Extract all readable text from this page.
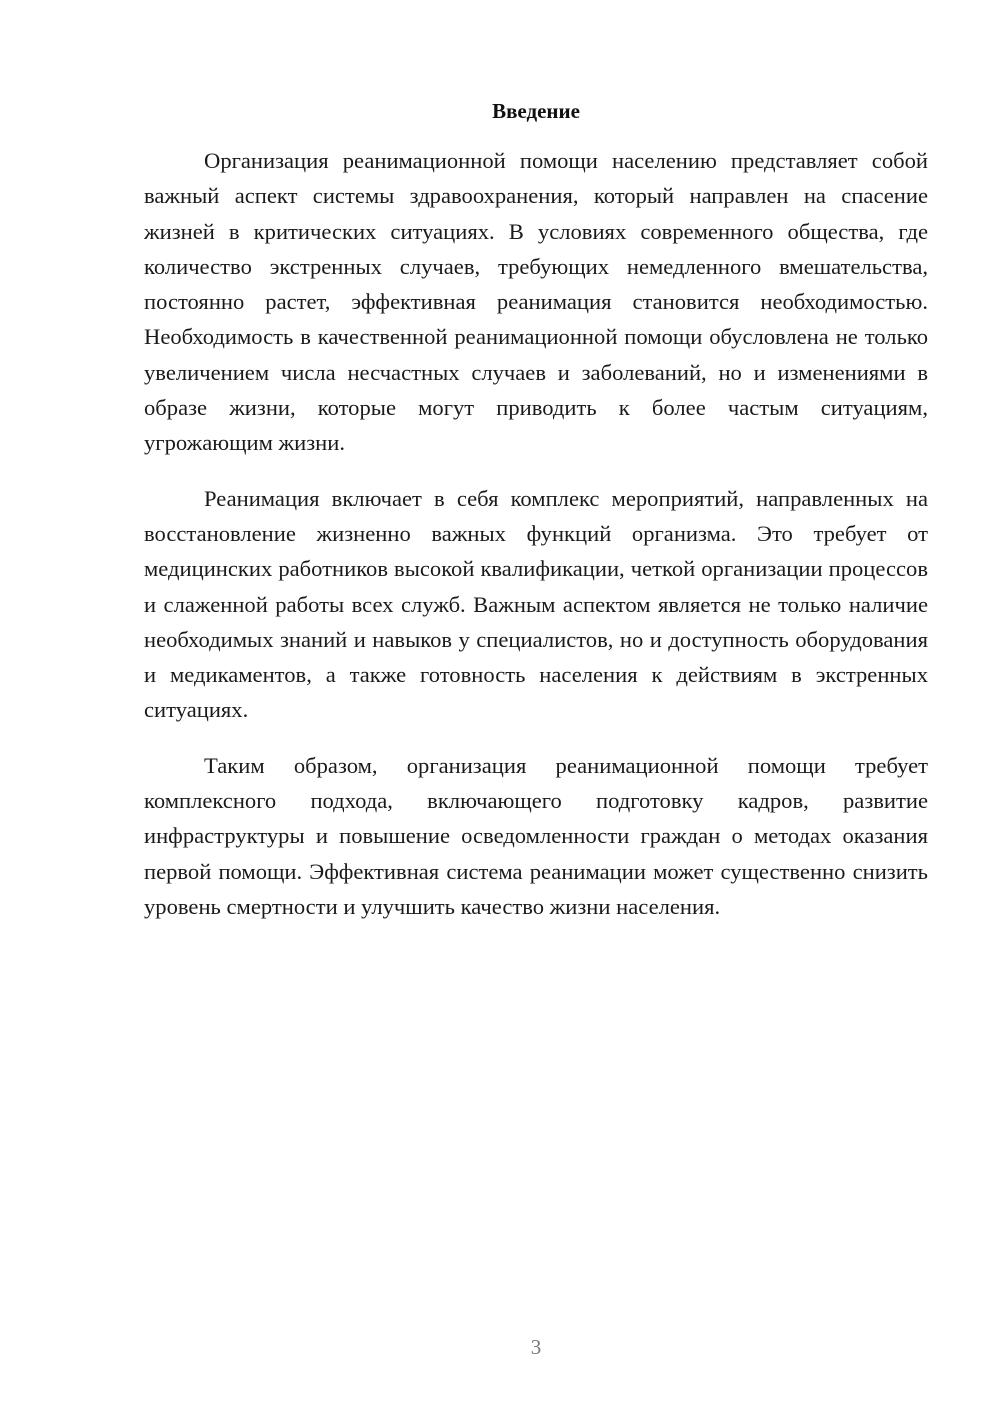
Введение

Организация реанимационной помощи населению представляет собой важный аспект системы здравоохранения, который направлен на спасение жизней в критических ситуациях. В условиях современного общества, где количество экстренных случаев, требующих немедленного вмешательства, постоянно растет, эффективная реанимация становится необходимостью. Необходимость в качественной реанимационной помощи обусловлена не только увеличением числа несчастных случаев и заболеваний, но и изменениями в образе жизни, которые могут приводить к более частым ситуациям, угрожающим жизни.

Реанимация включает в себя комплекс мероприятий, направленных на восстановление жизненно важных функций организма. Это требует от медицинских работников высокой квалификации, четкой организации процессов и слаженной работы всех служб. Важным аспектом является не только наличие необходимых знаний и навыков у специалистов, но и доступность оборудования и медикаментов, а также готовность населения к действиям в экстренных ситуациях.

Таким образом, организация реанимационной помощи требует комплексного подхода, включающего подготовку кадров, развитие инфраструктуры и повышение осведомленности граждан о методах оказания первой помощи. Эффективная система реанимации может существенно снизить уровень смертности и улучшить качество жизни населения.

3
